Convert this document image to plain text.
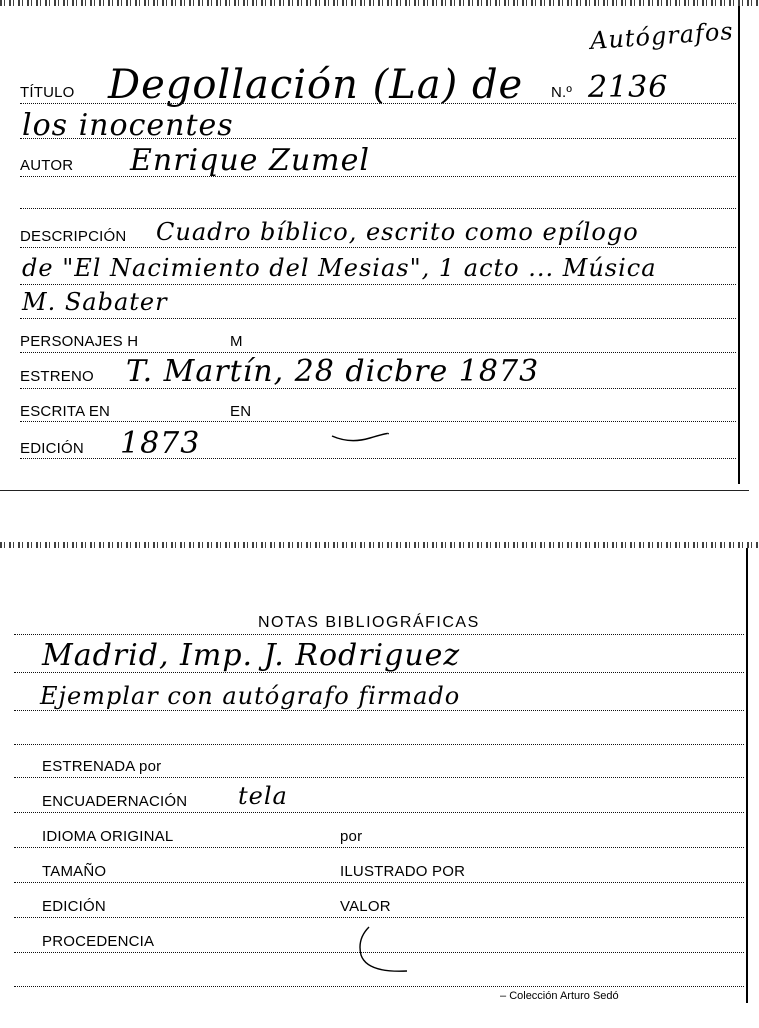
Autógrafos
TÍTULO Degollación (La) de N.º 2136
los inocentes
AUTOR Enrique Zumel
DESCRIPCIÓN Cuadro bíblico, escrito como epílogo
de "El Nacimiento del Mesias", 1 acto ... Música
M. Sabater
PERSONAJES H	M
ESTRENO T. Martín, 28 dicbre 1873
ESCRITA EN	EN
EDICIÓN 1873
NOTAS BIBLIOGRÁFICAS
Madrid, Imp. J. Rodriguez
Ejemplar con autógrafo firmado
ESTRENADA por
ENCUADERNACIÓN tela
IDIOMA ORIGINAL	por
TAMAÑO	ILUSTRADO POR
EDICIÓN	VALOR
PROCEDENCIA
– Colección Arturo Sedó
